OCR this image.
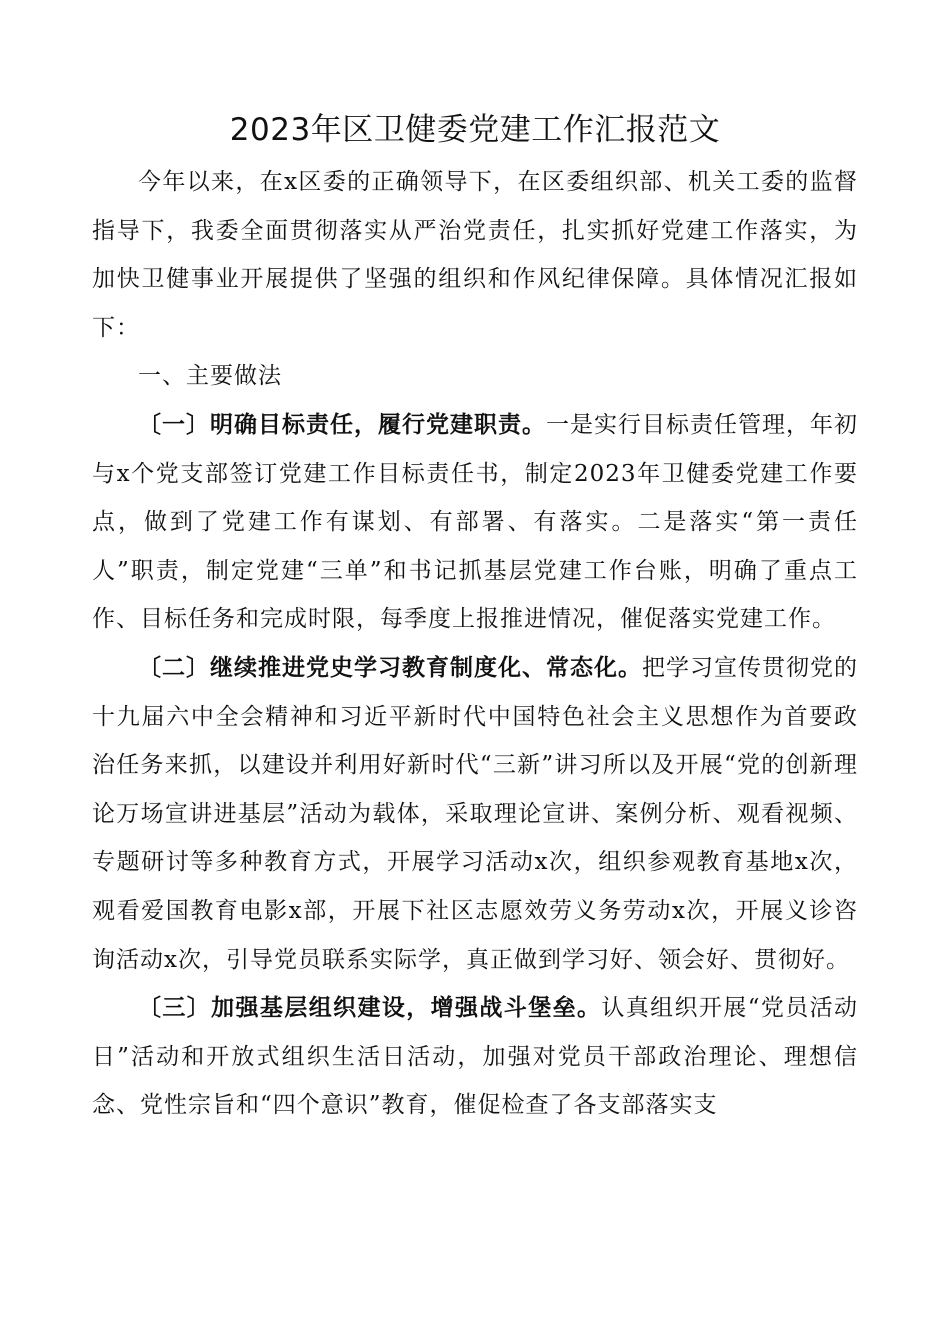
2023年区卫健委党建工作汇报范文

今年以来，在x区委的正确领导下，在区委组织部、机关工委的监督指导下，我委全面贯彻落实从严治党责任，扎实抓好党建工作落实，为加快卫健事业开展提供了坚强的组织和作风纪律保障。具体情况汇报如下：

一、主要做法

〔一〕明确目标责任，履行党建职责。一是实行目标责任管理，年初与x个党支部签订党建工作目标责任书，制定2023年卫健委党建工作要点，做到了党建工作有谋划、有部署、有落实。二是落实“第一责任人”职责，制定党建“三单”和书记抓基层党建工作台账，明确了重点工作、目标任务和完成时限，每季度上报推进情况，催促落实党建工作。

〔二〕继续推进党史学习教育制度化、常态化。把学习宣传贯彻党的十九届六中全会精神和习近平新时代中国特色社会主义思想作为首要政治任务来抓，以建设并利用好新时代“三新”讲习所以及开展“党的创新理论万场宣讲进基层”活动为载体，采取理论宣讲、案例分析、观看视频、专题研讨等多种教育方式，开展学习活动x次，组织参观教育基地x次，观看爱国教育电影x部，开展下社区志愿效劳义务劳动x次，开展义诊咨询活动x次，引导党员联系实际学，真正做到学习好、领会好、贯彻好。

〔三〕加强基层组织建设，增强战斗堡垒。认真组织开展“党员活动日”活动和开放式组织生活日活动，加强对党员干部政治理论、理想信念、党性宗旨和“四个意识”教育，催促检查了各支部落实支
